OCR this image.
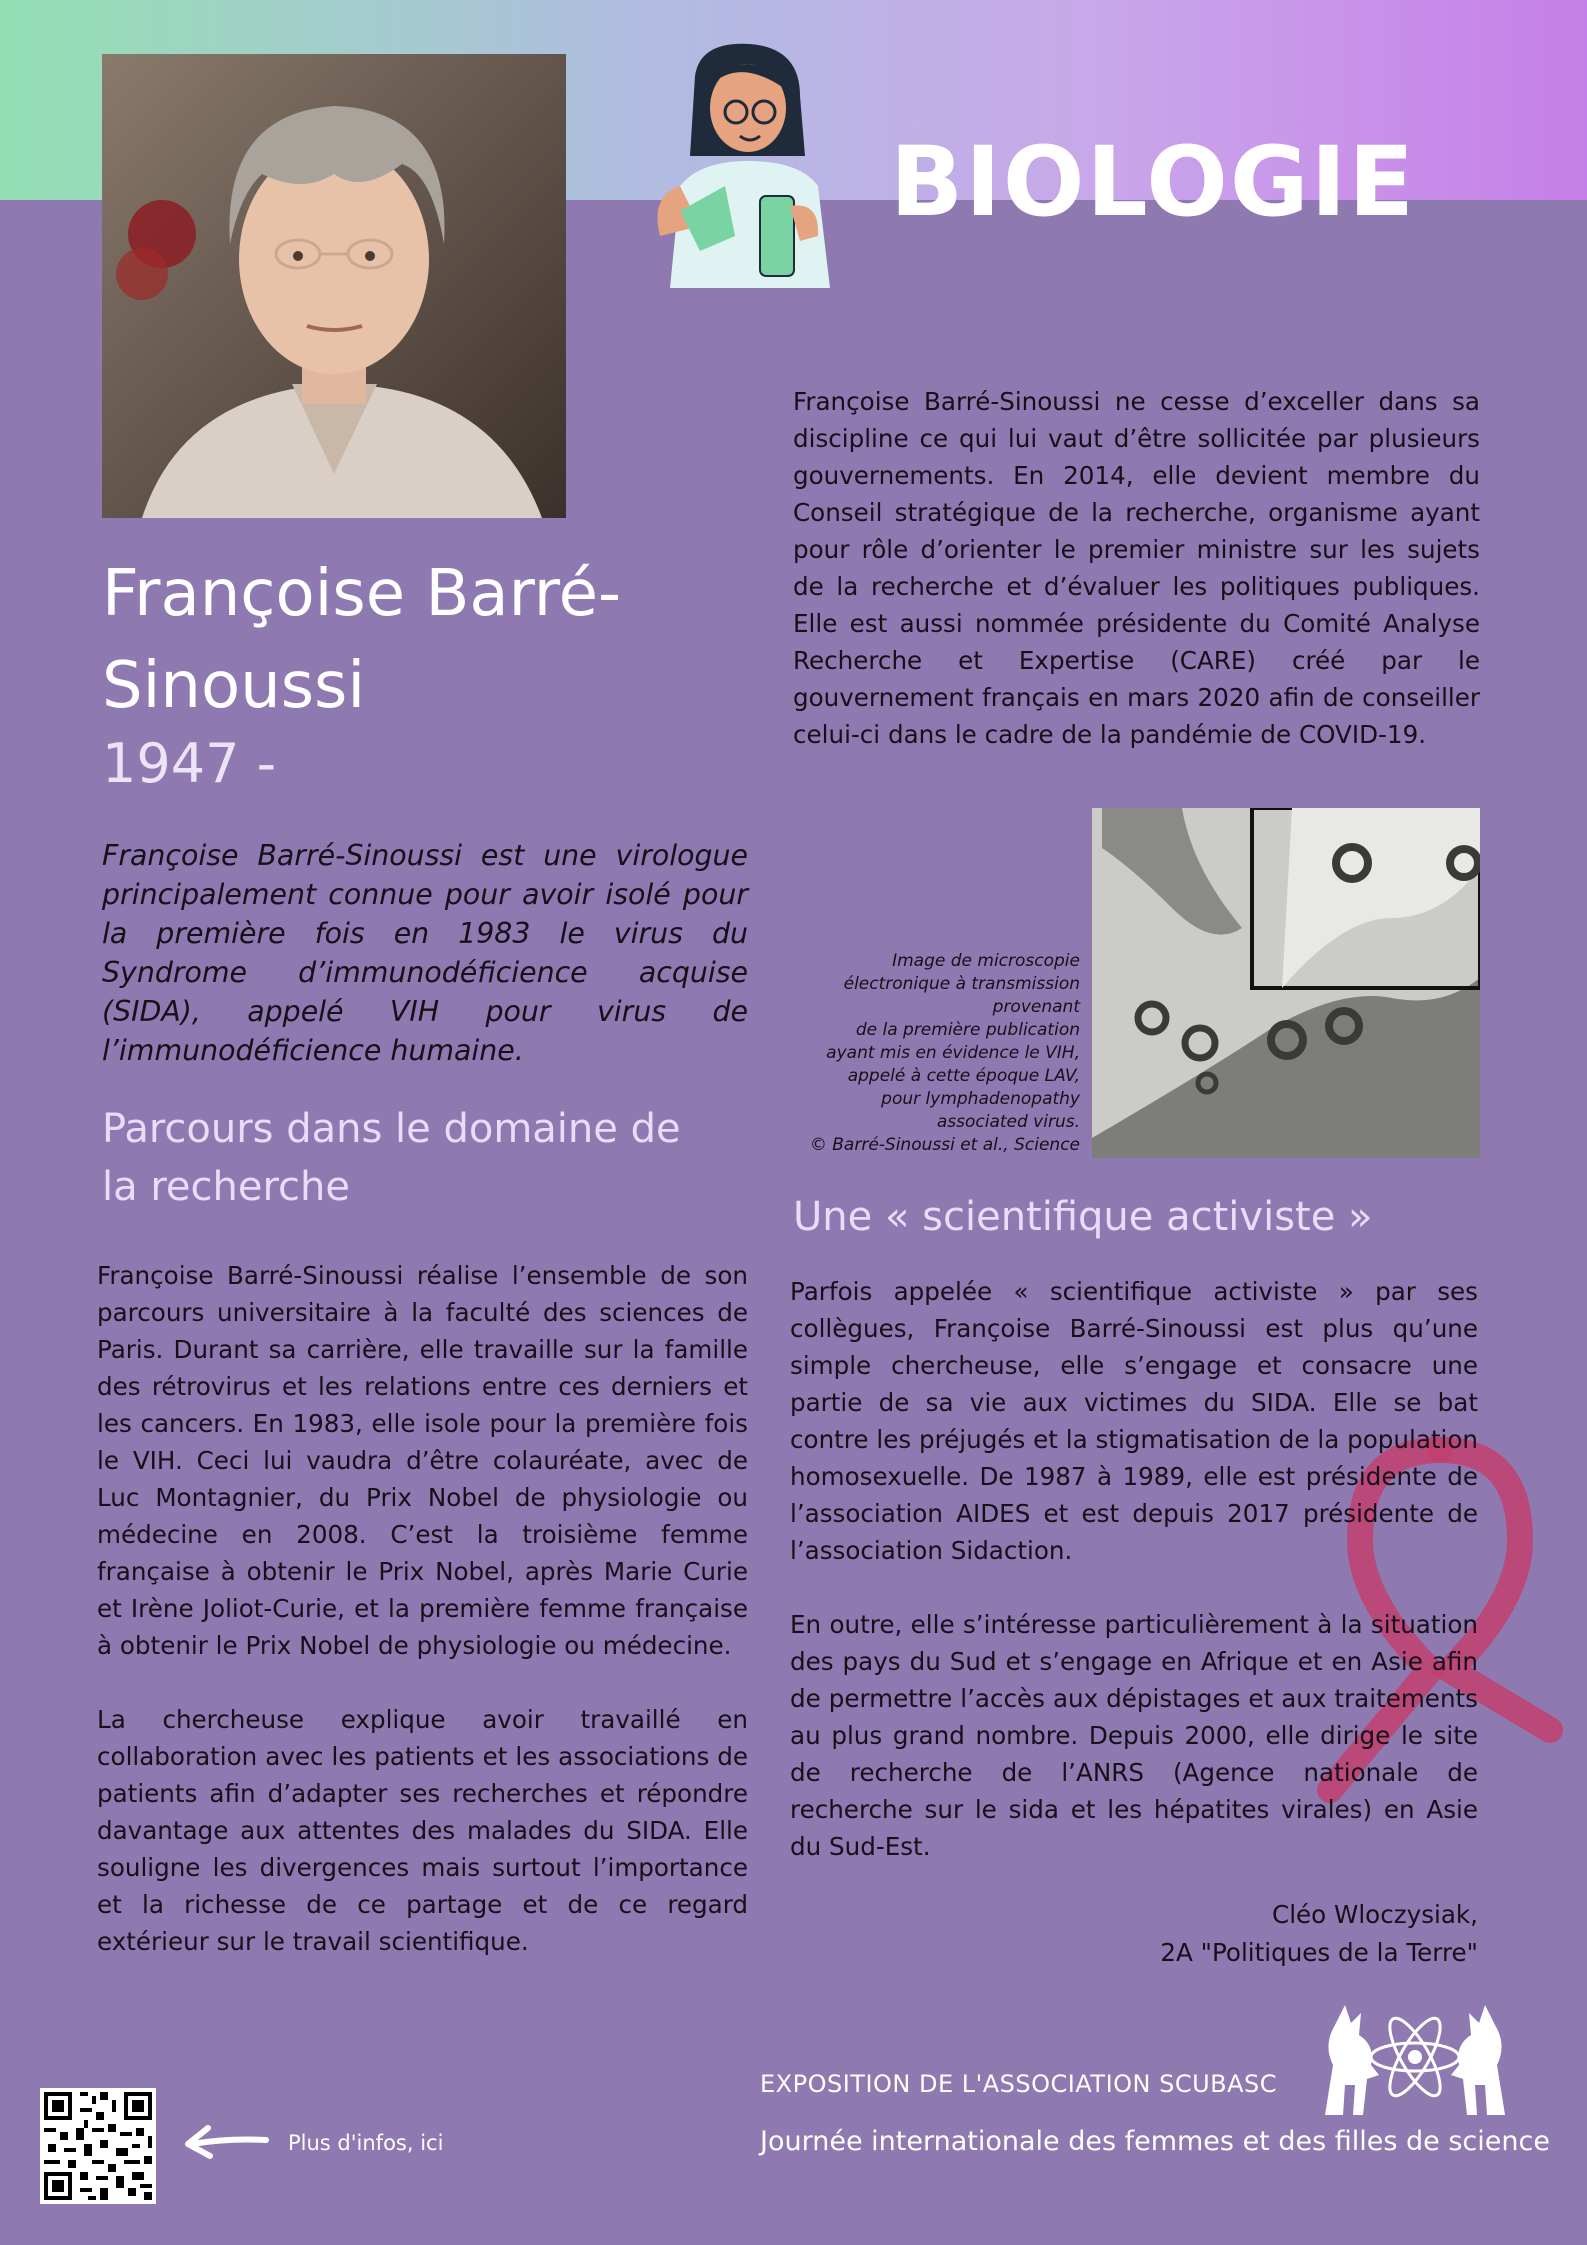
BIOLOGIE
Françoise Barré-Sinoussi
1947 -
Françoise Barré-Sinoussi est une virologue principalement connue pour avoir isolé pour la première fois en 1983 le virus du Syndrome d’immunodéficience acquise (SIDA), appelé VIH pour virus de l’immunodéficience humaine.
Parcours dans le domaine de la recherche

Françoise Barré-Sinoussi réalise l’ensemble de son parcours universitaire à la faculté des sciences de Paris. Durant sa carrière, elle travaille sur la famille des rétrovirus et les relations entre ces derniers et les cancers. En 1983, elle isole pour la première fois le VIH. Ceci lui vaudra d’être colauréate, avec de Luc Montagnier, du Prix Nobel de physiologie ou médecine en 2008. C’est la troisième femme française à obtenir le Prix Nobel, après Marie Curie et Irène Joliot-Curie, et la première femme française à obtenir le Prix Nobel de physiologie ou médecine.

La chercheuse explique avoir travaillé en collaboration avec les patients et les associations de patients afin d’adapter ses recherches et répondre davantage aux attentes des malades du SIDA. Elle souligne les divergences mais surtout l’importance et la richesse de ce partage et de ce regard extérieur sur le travail scientifique.

Françoise Barré-Sinoussi ne cesse d’exceller dans sa discipline ce qui lui vaut d’être sollicitée par plusieurs gouvernements. En 2014, elle devient membre du Conseil stratégique de la recherche, organisme ayant pour rôle d’orienter le premier ministre sur les sujets de la recherche et d’évaluer les politiques publiques. Elle est aussi nommée présidente du Comité Analyse Recherche et Expertise (CARE) créé par le gouvernement français en mars 2020 afin de conseiller celui-ci dans le cadre de la pandémie de COVID-19.

Image de microscopie
électronique à transmission
provenant
de la première publication
ayant mis en évidence le VIH,
appelé à cette époque LAV,
pour lymphadenopathy
associated virus.
© Barré-Sinoussi et al., Science
Une « scientifique activiste »

Parfois appelée « scientifique activiste » par ses collègues, Françoise Barré-Sinoussi est plus qu’une simple chercheuse, elle s’engage et consacre une partie de sa vie aux victimes du SIDA. Elle se bat contre les préjugés et la stigmatisation de la population homosexuelle. De 1987 à 1989, elle est présidente de l’association AIDES et est depuis 2017 présidente de l’association Sidaction.

En outre, elle s’intéresse particulièrement à la situation des pays du Sud et s’engage en Afrique et en Asie afin de permettre l’accès aux dépistages et aux traitements au plus grand nombre. Depuis 2000, elle dirige le site de recherche de l’ANRS (Agence nationale de recherche sur le sida et les hépatites virales) en Asie du Sud-Est.

Cléo Wloczysiak,
2A "Politiques de la Terre"
EXPOSITION DE L'ASSOCIATION SCUBASC
Journée internationale des femmes et des filles de science
Plus d'infos, ici
